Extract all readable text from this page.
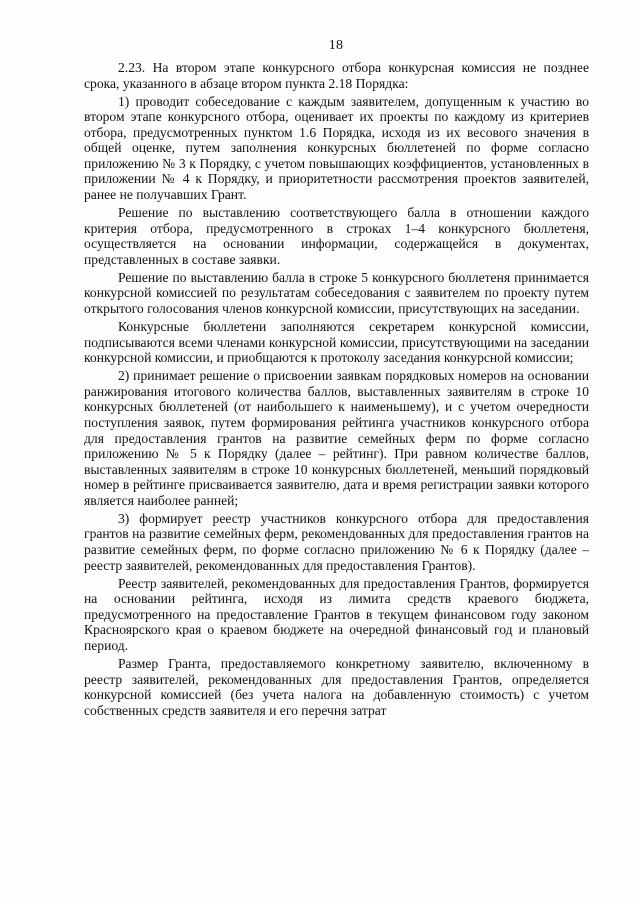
18

2.23. На втором этапе конкурсного отбора конкурсная комиссия не позднее срока, указанного в абзаце втором пункта 2.18 Порядка:

1) проводит собеседование с каждым заявителем, допущенным к участию во втором этапе конкурсного отбора, оценивает их проекты по каждому из критериев отбора, предусмотренных пунктом 1.6 Порядка, исходя из их весового значения в общей оценке, путем заполнения конкурсных бюллетеней по форме согласно приложению № 3 к Порядку, с учетом повышающих коэффициентов, установленных в приложении № 4 к Порядку, и приоритетности рассмотрения проектов заявителей, ранее не получавших Грант.

Решение по выставлению соответствующего балла в отношении каждого критерия отбора, предусмотренного в строках 1–4 конкурсного бюллетеня, осуществляется на основании информации, содержащейся в документах, представленных в составе заявки.

Решение по выставлению балла в строке 5 конкурсного бюллетеня принимается конкурсной комиссией по результатам собеседования с заявителем по проекту путем открытого голосования членов конкурсной комиссии, присутствующих на заседании.

Конкурсные бюллетени заполняются секретарем конкурсной комиссии, подписываются всеми членами конкурсной комиссии, присутствующими на заседании конкурсной комиссии, и приобщаются к протоколу заседания конкурсной комиссии;

2) принимает решение о присвоении заявкам порядковых номеров на основании ранжирования итогового количества баллов, выставленных заявителям в строке 10 конкурсных бюллетеней (от наибольшего к наименьшему), и с учетом очередности поступления заявок, путем формирования рейтинга участников конкурсного отбора для предоставления грантов на развитие семейных ферм по форме согласно приложению № 5 к Порядку (далее – рейтинг). При равном количестве баллов, выставленных заявителям в строке 10 конкурсных бюллетеней, меньший порядковый номер в рейтинге присваивается заявителю, дата и время регистрации заявки которого является наиболее ранней;

3) формирует реестр участников конкурсного отбора для предоставления грантов на развитие семейных ферм, рекомендованных для предоставления грантов на развитие семейных ферм, по форме согласно приложению № 6 к Порядку (далее – реестр заявителей, рекомендованных для предоставления Грантов).

Реестр заявителей, рекомендованных для предоставления Грантов, формируется на основании рейтинга, исходя из лимита средств краевого бюджета, предусмотренного на предоставление Грантов в текущем финансовом году законом Красноярского края о краевом бюджете на очередной финансовый год и плановый период.

Размер Гранта, предоставляемого конкретному заявителю, включенному в реестр заявителей, рекомендованных для предоставления Грантов, определяется конкурсной комиссией (без учета налога на добавленную стоимость) с учетом собственных средств заявителя и его перечня затрат
